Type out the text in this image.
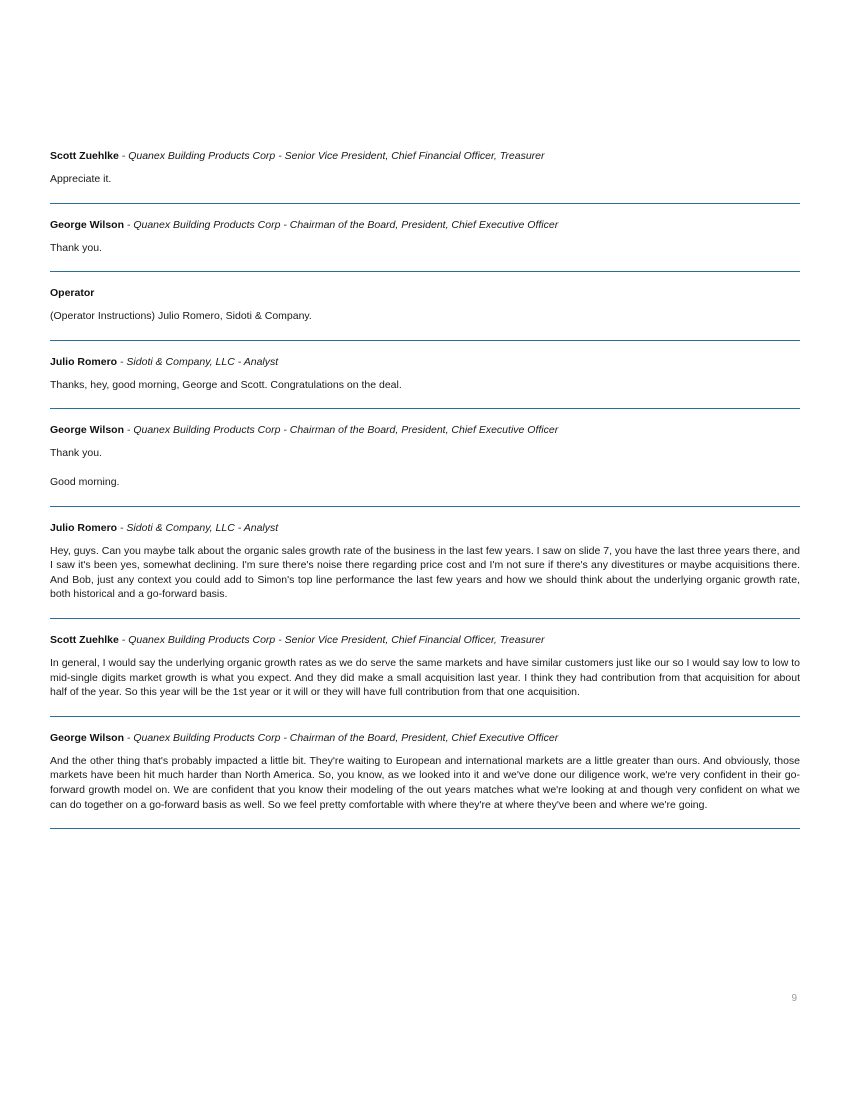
Scott Zuehlke - Quanex Building Products Corp - Senior Vice President, Chief Financial Officer, Treasurer

Appreciate it.

George Wilson - Quanex Building Products Corp - Chairman of the Board, President, Chief Executive Officer

Thank you.

Operator

(Operator Instructions) Julio Romero, Sidoti & Company.

Julio Romero - Sidoti & Company, LLC - Analyst

Thanks, hey, good morning, George and Scott. Congratulations on the deal.

George Wilson - Quanex Building Products Corp - Chairman of the Board, President, Chief Executive Officer

Thank you.

Good morning.

Julio Romero - Sidoti & Company, LLC - Analyst

Hey, guys. Can you maybe talk about the organic sales growth rate of the business in the last few years. I saw on slide 7, you have the last three years there, and I saw it's been yes, somewhat declining. I'm sure there's noise there regarding price cost and I'm not sure if there's any divestitures or maybe acquisitions there. And Bob, just any context you could add to Simon's top line performance the last few years and how we should think about the underlying organic growth rate, both historical and a go-forward basis.

Scott Zuehlke - Quanex Building Products Corp - Senior Vice President, Chief Financial Officer, Treasurer

In general, I would say the underlying organic growth rates as we do serve the same markets and have similar customers just like our so I would say low to low to mid-single digits market growth is what you expect. And they did make a small acquisition last year. I think they had contribution from that acquisition for about half of the year. So this year will be the 1st year or it will or they will have full contribution from that one acquisition.

George Wilson - Quanex Building Products Corp - Chairman of the Board, President, Chief Executive Officer

And the other thing that's probably impacted a little bit. They're waiting to European and international markets are a little greater than ours. And obviously, those markets have been hit much harder than North America. So, you know, as we looked into it and we've done our diligence work, we're very confident in their go-forward growth model on. We are confident that you know their modeling of the out years matches what we're looking at and though very confident on what we can do together on a go-forward basis as well. So we feel pretty comfortable with where they're at where they've been and where we're going.

9
